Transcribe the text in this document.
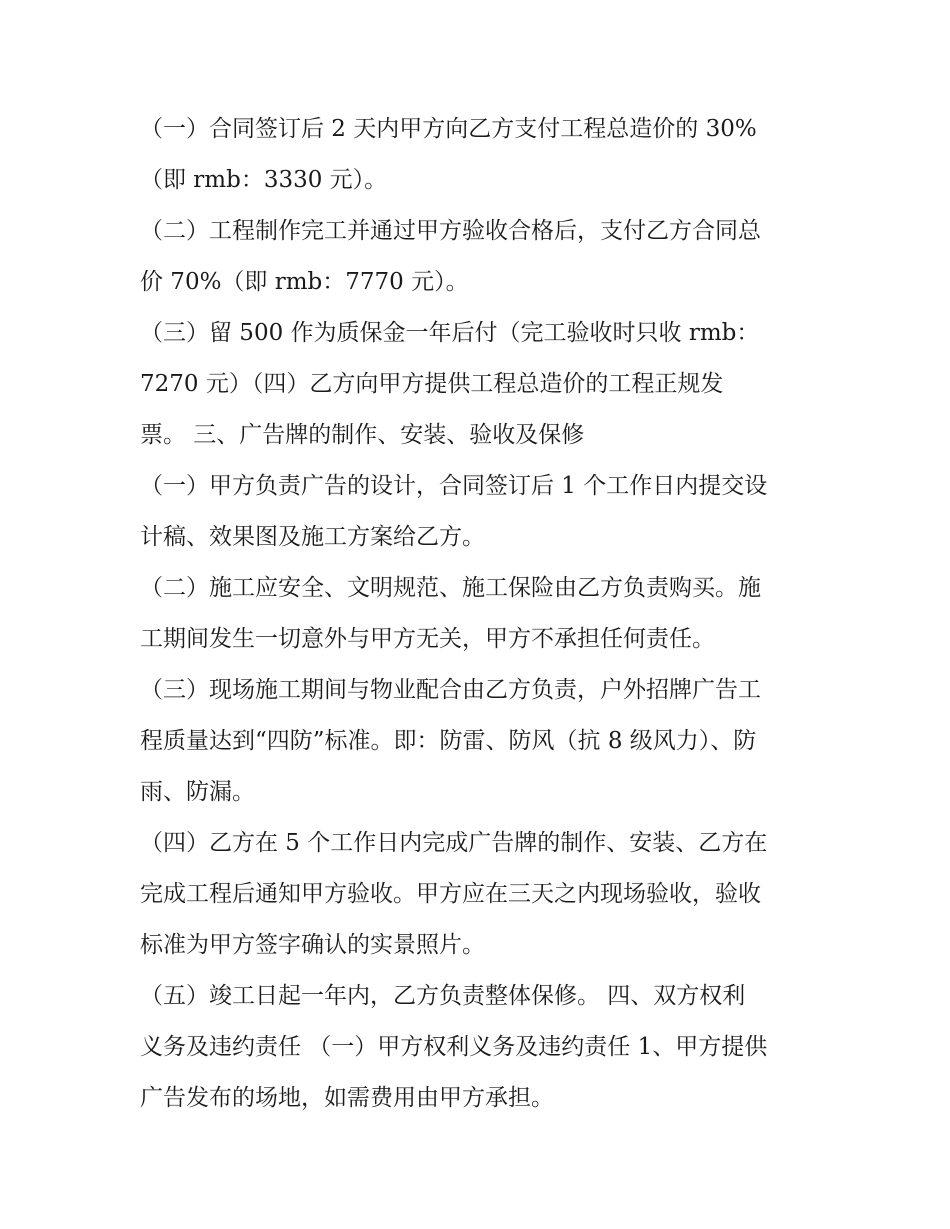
（一）合同签订后 2 天内甲方向乙方支付工程总造价的 30%
（即 rmb：3330 元）。

（二）工程制作完工并通过甲方验收合格后，支付乙方合同总
价 70%（即 rmb：7770 元）。

（三）留 500 作为质保金一年后付（完工验收时只收 rmb：
7270 元）（四）乙方向甲方提供工程总造价的工程正规发
票。 三、广告牌的制作、安装、验收及保修

（一）甲方负责广告的设计，合同签订后 1 个工作日内提交设
计稿、效果图及施工方案给乙方。

（二）施工应安全、文明规范、施工保险由乙方负责购买。施
工期间发生一切意外与甲方无关，甲方不承担任何责任。

（三）现场施工期间与物业配合由乙方负责，户外招牌广告工
程质量达到“四防”标准。即：防雷、防风（抗 8 级风力）、防
雨、防漏。

（四）乙方在 5 个工作日内完成广告牌的制作、安装、乙方在
完成工程后通知甲方验收。甲方应在三天之内现场验收，验收
标准为甲方签字确认的实景照片。

（五）竣工日起一年内，乙方负责整体保修。 四、双方权利
义务及违约责任 （一）甲方权利义务及违约责任 1、甲方提供
广告发布的场地，如需费用由甲方承担。
